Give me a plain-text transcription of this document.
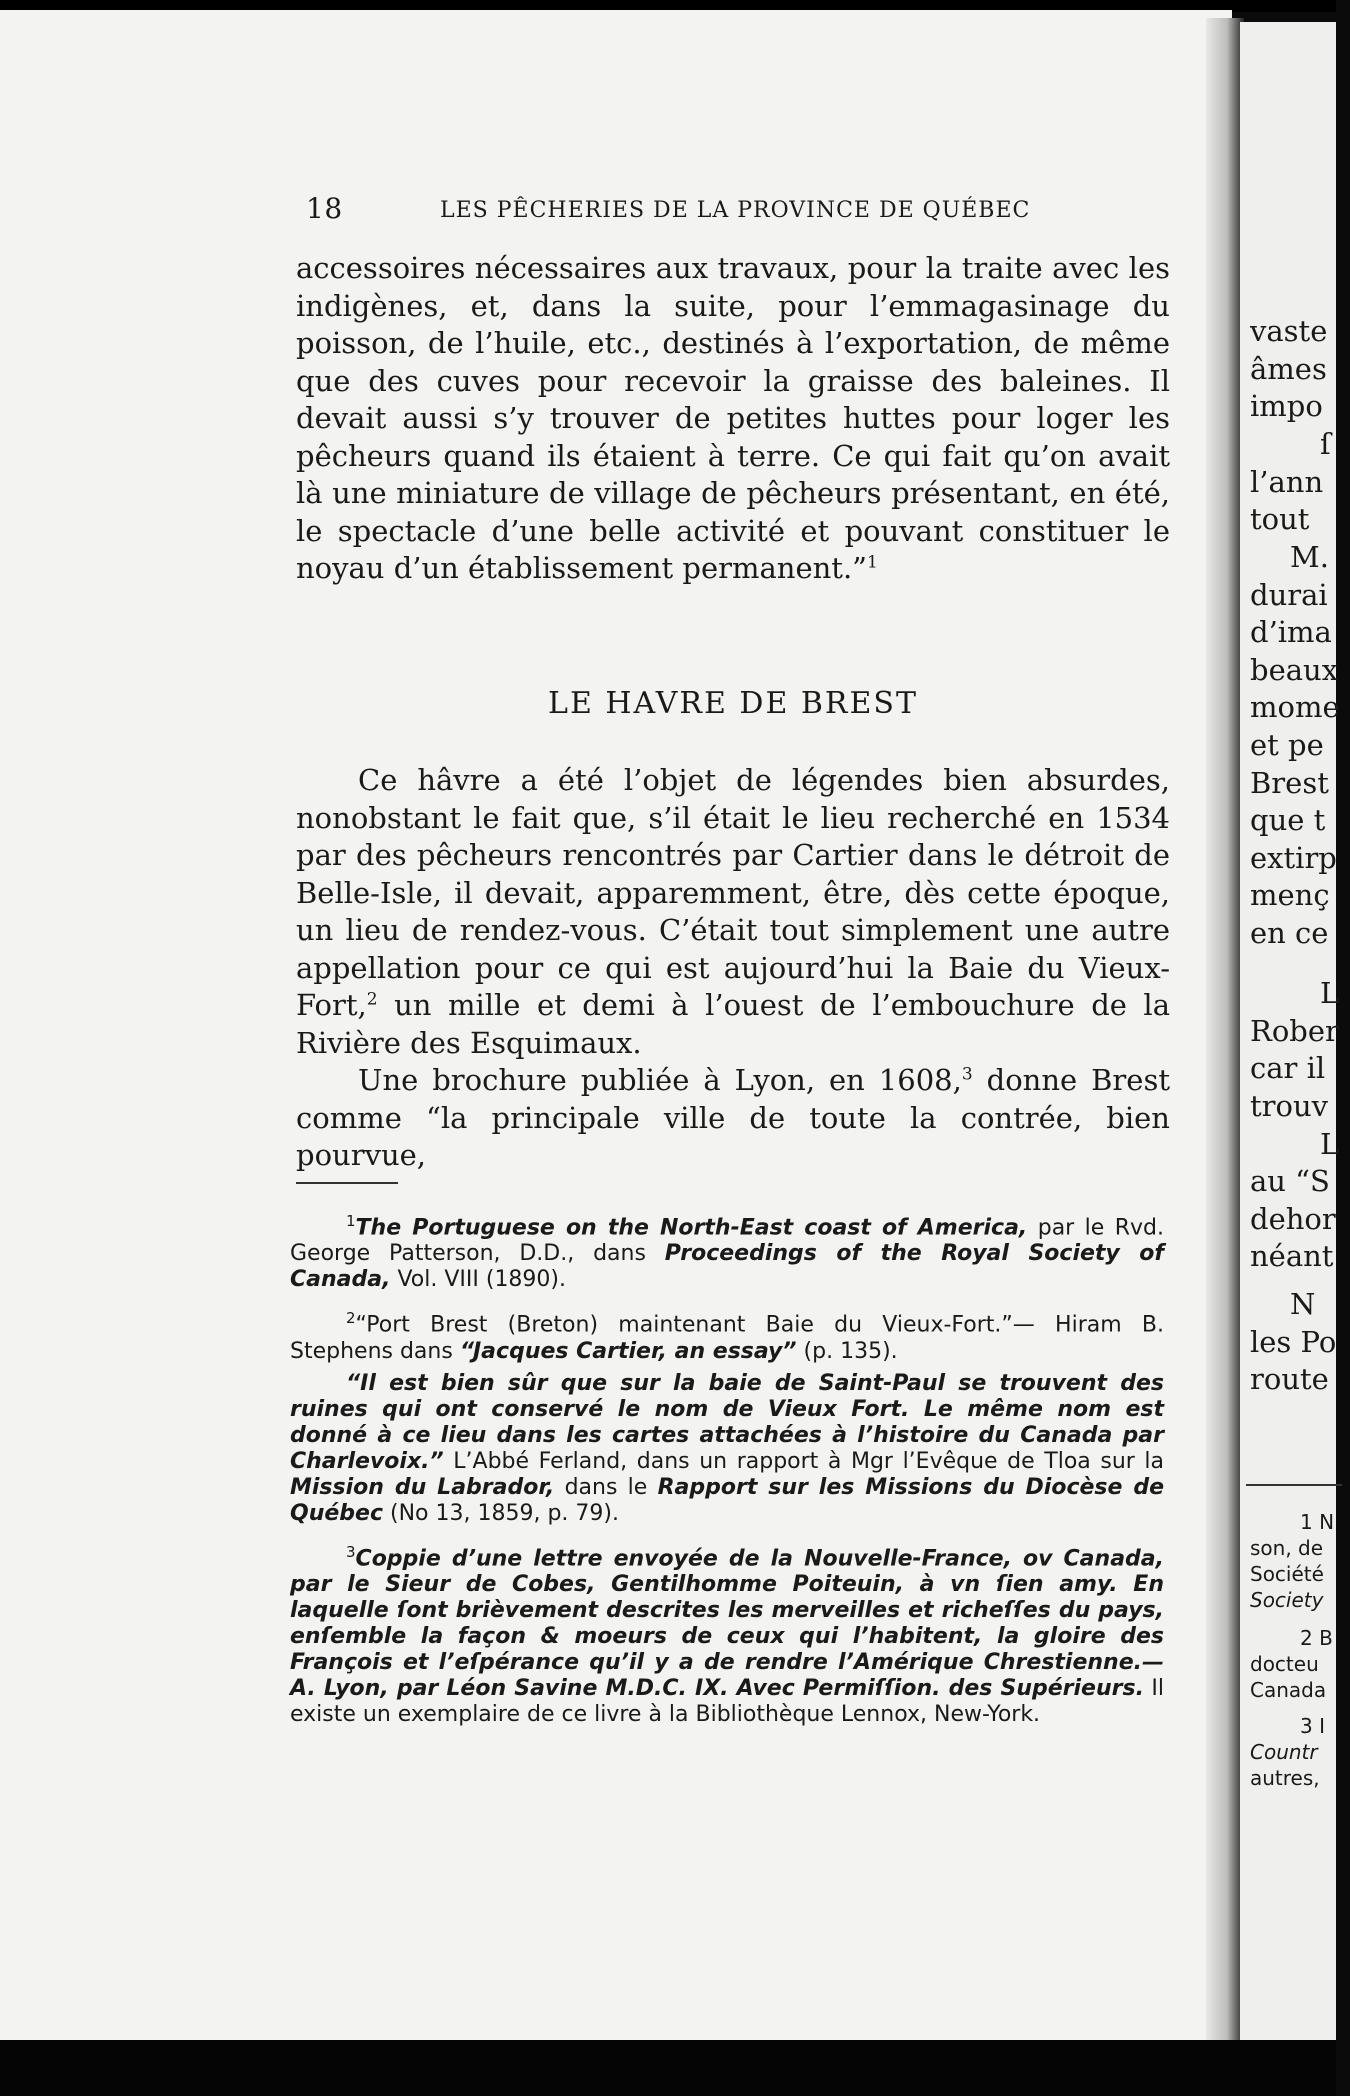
18	LES PÊCHERIES DE LA PROVINCE DE QUÉBEC

accessoires nécessaires aux travaux, pour la traite avec les indigènes, et, dans la suite, pour l’emmagasinage du poisson, de l’huile, etc., destinés à l’exportation, de même que des cuves pour recevoir la graisse des baleines. Il devait aussi s’y trouver de petites huttes pour loger les pêcheurs quand ils étaient à terre. Ce qui fait qu’on avait là une miniature de village de pêcheurs présentant, en été, le spectacle d’une belle activité et pouvant constituer le noyau d’un établissement permanent.”$^1$

LE HAVRE DE BREST

Ce hâvre a été l’objet de légendes bien absurdes, nonobstant le fait que, s’il était le lieu recherché en 1534 par des pêcheurs rencontrés par Cartier dans le détroit de Belle-Isle, il devait, apparemment, être, dès cette époque, un lieu de rendez-vous. C’était tout simplement une autre appellation pour ce qui est aujourd’hui la Baie du Vieux-Fort,$^2$ un mille et demi à l’ouest de l’embouchure de la Rivière des Esquimaux.

Une brochure publiée à Lyon, en 1608,$^3$ donne Brest comme “la principale ville de toute la contrée, bien pourvue,

$^1$The Portuguese on the North-East coast of America, par le Rvd. George Patterson, D.D., dans Proceedings of the Royal Society of Canada, Vol. VIII (1890).

$^2$“Port Brest (Breton) maintenant Baie du Vieux-Fort.”— Hiram B. Stephens dans “Jacques Cartier, an essay” (p. 135).

“Il est bien sûr que sur la baie de Saint-Paul se trouvent des ruines qui ont conservé le nom de Vieux Fort. Le même nom est donné à ce lieu dans les cartes attachées à l’histoire du Canada par Charlevoix.” L’Abbé Ferland, dans un rapport à Mgr l’Evêque de Tloa sur la Mission du Labrador, dans le Rapport sur les Missions du Diocèse de Québec (No 13, 1859, p. 79).

$^3$Coppie d’une lettre envoyée de la Nouvelle-France, ov Canada, par le Sieur de Cobes, Gentilhomme Poiteuin, à vn ſien amy. En laquelle ſont brièvement descrites les merveilles et richeſſes du pays, enſemble la façon & moeurs de ceux qui l’habitent, la gloire des François et l’eſpérance qu’il y a de rendre l’Amérique Chrestienne.—A. Lyon, par Léon Savine M.D.C. IX. Avec Permiſſion. des Supérieurs. Il existe un exemplaire de ce livre à la Bibliothèque Lennox, New-York.

vaste
âmes
impo
ſ
l’ann
tout
M.
durai
d’ima
beaux
mome
et pe
Brest
que t
extirp
menç
en ce
L
Rober
car il
trouv
L
au “S
dehor
néant
N
les Po
route
1 N
son, de
Société
Society
2 B
docteu
Canada
3 I
Countr
autres,
